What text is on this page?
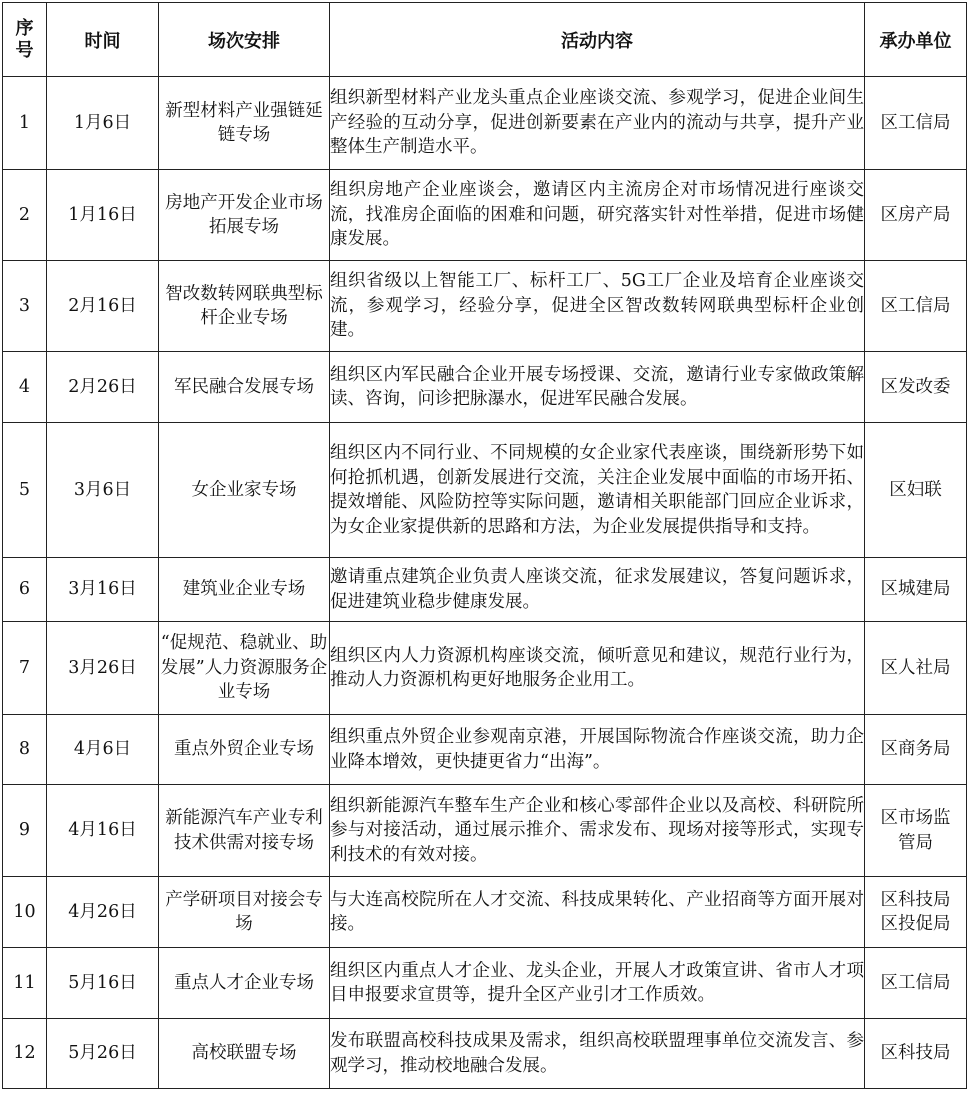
序号	时间	场次安排	活动内容	承办单位
1	1月6日	新型材料产业强链延链专场	组织新型材料产业龙头重点企业座谈交流、参观学习，促进企业间生产经验的互动分享，促进创新要素在产业内的流动与共享，提升产业整体生产制造水平。	区工信局
2	1月16日	房地产开发企业市场拓展专场	组织房地产企业座谈会，邀请区内主流房企对市场情况进行座谈交流，找准房企面临的困难和问题，研究落实针对性举措，促进市场健康发展。	区房产局
3	2月16日	智改数转网联典型标杆企业专场	组织省级以上智能工厂、标杆工厂、5G工厂企业及培育企业座谈交流，参观学习，经验分享，促进全区智改数转网联典型标杆企业创建。	区工信局
4	2月26日	军民融合发展专场	组织区内军民融合企业开展专场授课、交流，邀请行业专家做政策解读、咨询，问诊把脉瀑水，促进军民融合发展。	区发改委
5	3月6日	女企业家专场	组织区内不同行业、不同规模的女企业家代表座谈，围绕新形势下如何抢抓机遇，创新发展进行交流，关注企业发展中面临的市场开拓、提效增能、风险防控等实际问题，邀请相关职能部门回应企业诉求，为女企业家提供新的思路和方法，为企业发展提供指导和支持。	区妇联
6	3月16日	建筑业企业专场	邀请重点建筑企业负责人座谈交流，征求发展建议，答复问题诉求，促进建筑业稳步健康发展。	区城建局
7	3月26日	“促规范、稳就业、助发展”人力资源服务企业专场	组织区内人力资源机构座谈交流，倾听意见和建议，规范行业行为，推动人力资源机构更好地服务企业用工。	区人社局
8	4月6日	重点外贸企业专场	组织重点外贸企业参观南京港，开展国际物流合作座谈交流，助力企业降本增效，更快捷更省力“出海”。	区商务局
9	4月16日	新能源汽车产业专利技术供需对接专场	组织新能源汽车整车生产企业和核心零部件企业以及高校、科研院所参与对接活动，通过展示推介、需求发布、现场对接等形式，实现专利技术的有效对接。	区市场监管局
10	4月26日	产学研项目对接会专场	与大连高校院所在人才交流、科技成果转化、产业招商等方面开展对接。	区科技局区投促局
11	5月16日	重点人才企业专场	组织区内重点人才企业、龙头企业，开展人才政策宣讲、省市人才项目申报要求宣贯等，提升全区产业引才工作质效。	区工信局
12	5月26日	高校联盟专场	发布联盟高校科技成果及需求，组织高校联盟理事单位交流发言、参观学习，推动校地融合发展。	区科技局
